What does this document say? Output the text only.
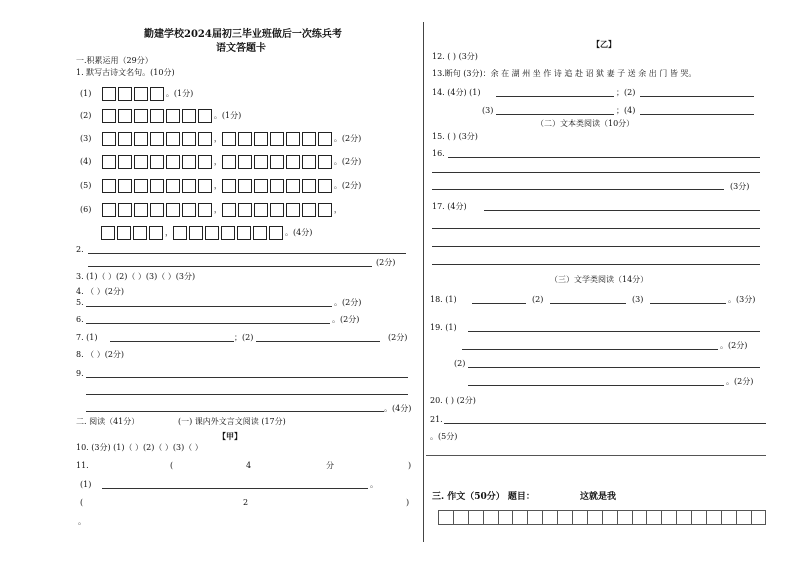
勤建学校2024届初三毕业班做后一次练兵考
语文答题卡
一.积累运用（29分）
1. 默写古诗文名句。(10分)
(1)	。(1分)
(2)	。(1分)
(3)	，	。(2分)
(4)	，	。(2分)
(5)	，	。(2分)
(6)	，	，
，	。(4分)
2.
(2分)
3. (1)（ ）(2)（ ）(3)（ ）(3分)
4. （ ）(2分)
5.	。(2分)
6.	。(2分)
7. (1)	；(2)	(2分)
8. （ ）(2分)
9.
。(4分)
二. 阅读（41分）	(一) 课内外文言文阅读 (17分)
【甲】
10. (3分) (1)（ ）(2)（ ）(3)（ ）
11.	(	4	分	)
(1)	。
(	2	)
。
12. ( ) (3分)
【乙】
13.断句 (3分)：余 在 湖 州 坐 作 诗 追 赴 诏 狱 妻 子 送 余 出 门 皆 哭。
14. (4分) (1)	；(2)
(3)	；(4)
（二）文本类阅读（10分）
15. ( ) (3分)
16.
(3分)
17. (4分)
（三）文学类阅读（14分）
18. (1)	(2)	(3)	。(3分)
19. (1)
。(2分)
(2)
。(2分)
20. ( ) (2分)
21.
。(5分)
三. 作文（50分） 题目：	这就是我
